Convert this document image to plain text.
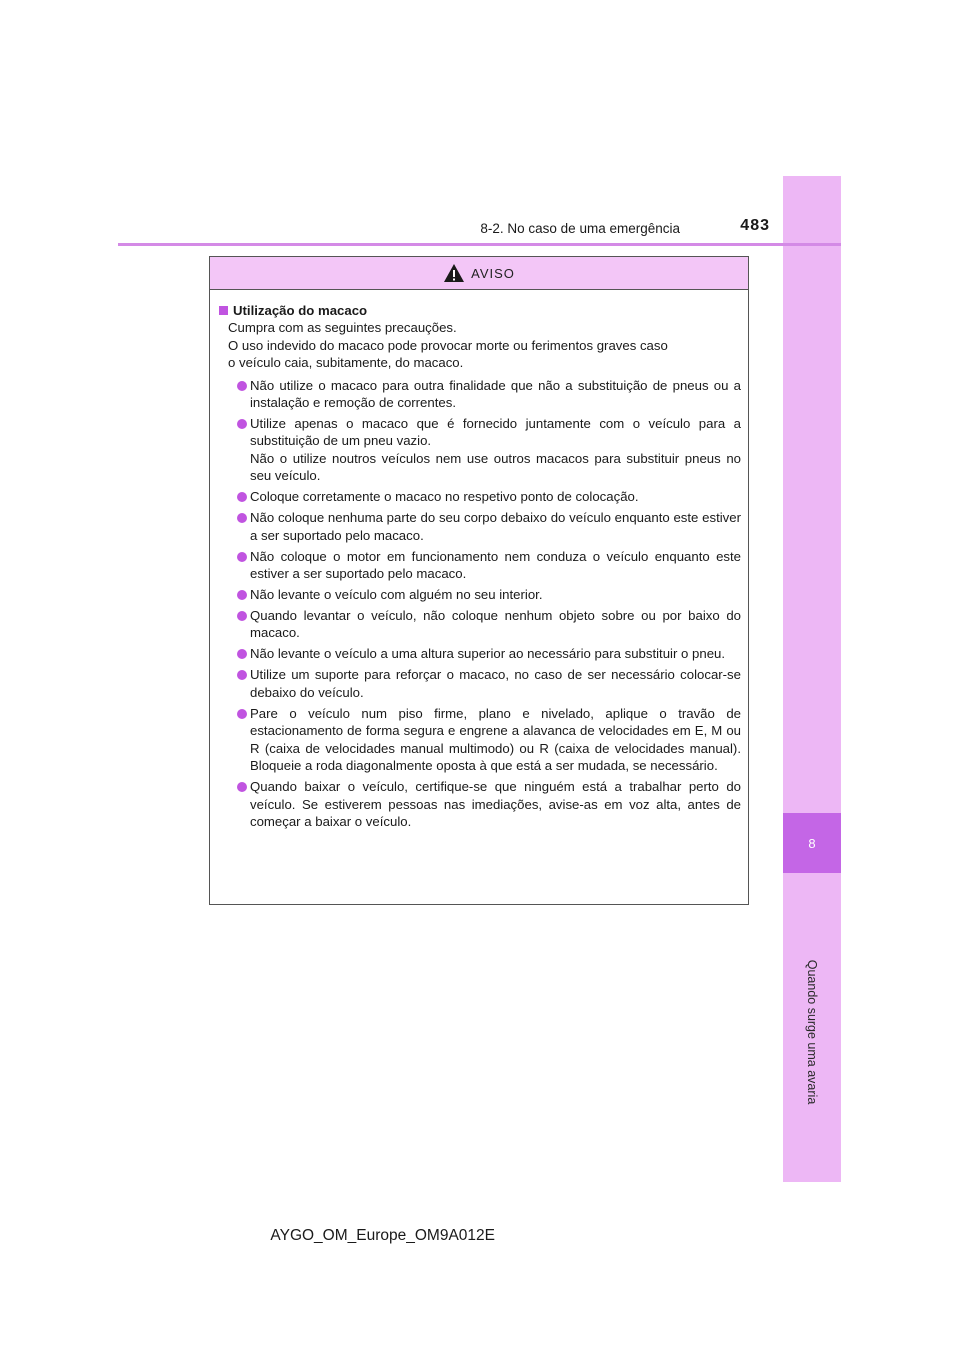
8
Quando surge uma avaria
8-2. No caso de uma emergência	483
AVISO
Utilização do macaco
Cumpra com as seguintes precauções.
O uso indevido do macaco pode provocar morte ou ferimentos graves caso
o veículo caia, subitamente, do macaco.

Não utilize o macaco para outra finalidade que não a substituição de pneus ou a instalação e remoção de correntes.

Utilize apenas o macaco que é fornecido juntamente com o veículo para a substituição de um pneu vazio.

Não o utilize noutros veículos nem use outros macacos para substituir pneus no seu veículo.

Coloque corretamente o macaco no respetivo ponto de colocação.

Não coloque nenhuma parte do seu corpo debaixo do veículo enquanto este estiver a ser suportado pelo macaco.

Não coloque o motor em funcionamento nem conduza o veículo enquanto este estiver a ser suportado pelo macaco.

Não levante o veículo com alguém no seu interior.

Quando levantar o veículo, não coloque nenhum objeto sobre ou por baixo do macaco.

Não levante o veículo a uma altura superior ao necessário para substituir o pneu.

Utilize um suporte para reforçar o macaco, no caso de ser necessário colocar-se debaixo do veículo.

Pare o veículo num piso firme, plano e nivelado, aplique o travão de estacionamento de forma segura e engrene a alavanca de velocidades em E, M ou R (caixa de velocidades manual multimodo) ou R (caixa de velocidades manual). Bloqueie a roda diagonalmente oposta à que está a ser mudada, se necessário.

Quando baixar o veículo, certifique-se que ninguém está a trabalhar perto do veículo. Se estiverem pessoas nas imediações, avise-as em voz alta, antes de começar a baixar o veículo.

AYGO_OM_Europe_OM9A012E
